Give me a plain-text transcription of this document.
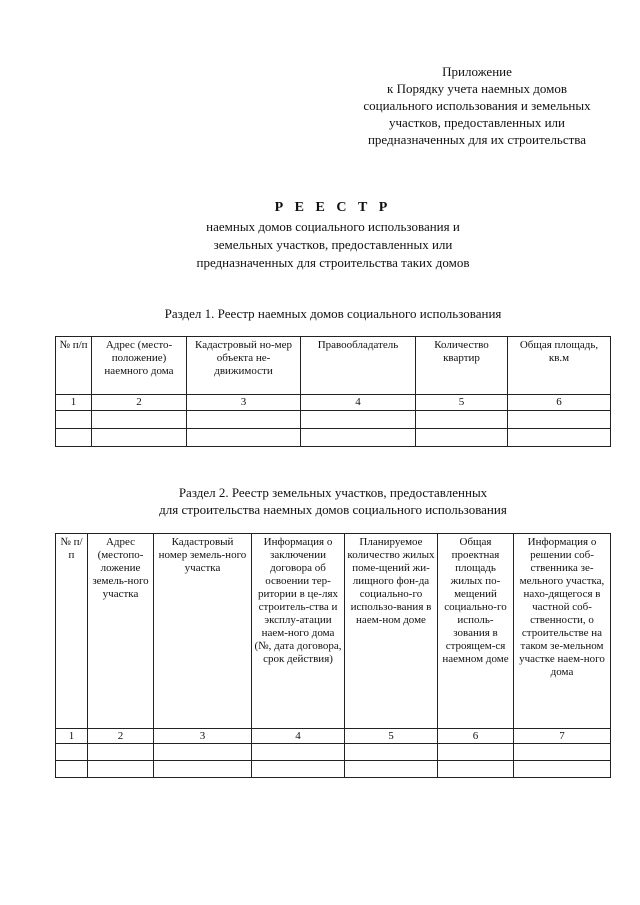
Приложение
к Порядку учета наемных домов
социального использования и земельных
участков, предоставленных или
предназначенных для их строительства
Р Е Е С Т Р
наемных домов социального использования и
земельных участков, предоставленных или
предназначенных для строительства таких домов
Раздел 1. Реестр наемных домов социального использования
№ п/п	Адрес (место-положение) наемного дома	Кадастровый но-мер объекта не-движимости	Правообладатель	Количество квартир	Общая площадь, кв.м
1	2	3	4	5	6

Раздел 2. Реестр земельных участков, предоставленных
для строительства наемных домов социального использования
№ п/п	Адрес (местопо-ложение земель-ного участка	Кадастровый номер земель-ного участка	Информация о заключении договора об освоении тер-ритории в це-лях строитель-ства и эксплу-атации наем-ного дома (№, дата договора, срок действия)	Планируемое количество жилых поме-щений жи-лищного фон-да социально-го использо-вания в наем-ном доме	Общая проектная площадь жилых по-мещений социально-го исполь-зования в строящем-ся наемном доме	Информация о решении соб-ственника зе-мельного участка, нахо-дящегося в частной соб-ственности, о строительстве на таком зе-мельном участке наем-ного дома
1	2	3	4	5	6	7
